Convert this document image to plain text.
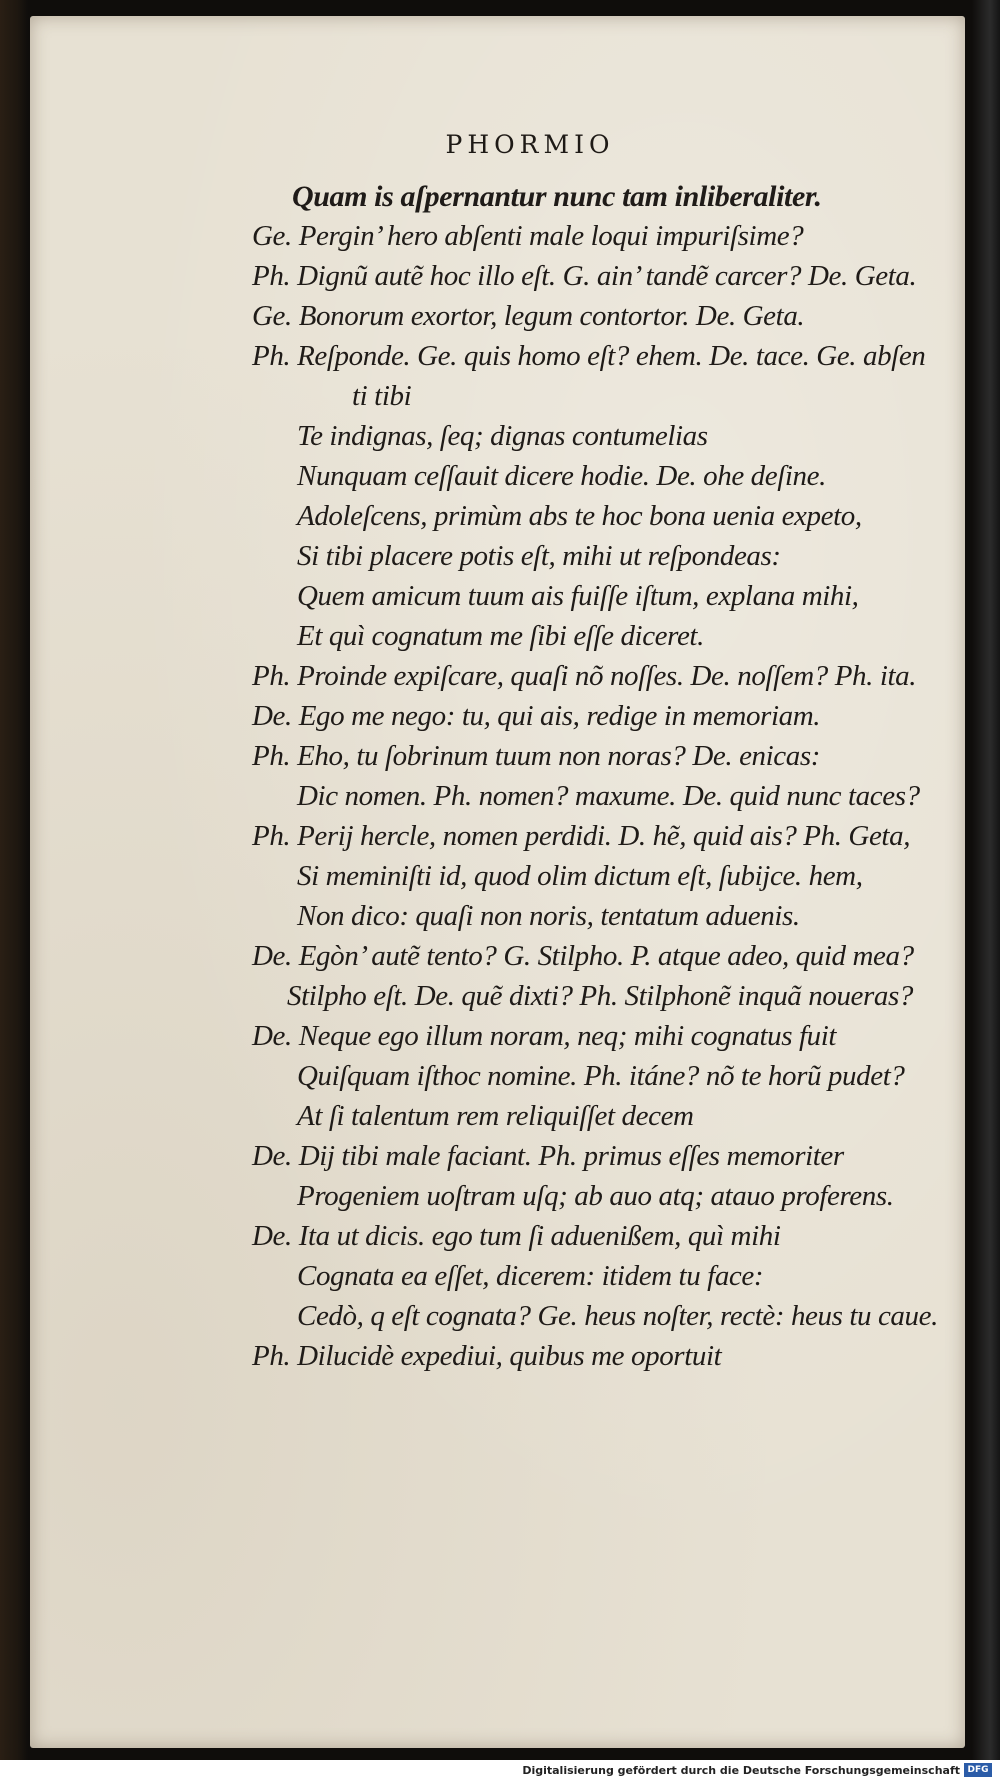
PHORMIO
Quam is aſpernantur nunc tam inliberaliter.
Ge. Pergin’ hero abſenti male loqui impuriſsime?
Ph. Dignũ autẽ hoc illo eſt. G. ain’ tandẽ carcer? De. Geta.
Ge. Bonorum exortor, legum contortor. De. Geta.
Ph. Reſponde. Ge. quis homo eſt? ehem. De. tace. Ge. abſen
ti tibi
Te indignas, ſeq; dignas contumelias
Nunquam ceſſauit dicere hodie. De. ohe deſine.
Adoleſcens, primùm abs te hoc bona uenia expeto,
Si tibi placere potis eſt, mihi ut reſpondeas:
Quem amicum tuum ais fuiſſe iſtum, explana mihi,
Et quì cognatum me ſibi eſſe diceret.
Ph. Proinde expiſcare, quaſi nõ noſſes. De. noſſem? Ph. ita.
De. Ego me nego: tu, qui ais, redige in memoriam.
Ph. Eho, tu ſobrinum tuum non noras? De. enicas:
Dic nomen. Ph. nomen? maxume. De. quid nunc taces?
Ph. Perij hercle, nomen perdidi. D. hẽ, quid ais? Ph. Geta,
Si meminiſti id, quod olim dictum eſt, ſubijce. hem,
Non dico: quaſi non noris, tentatum aduenis.
De. Egòn’ autẽ tento? G. Stilpho. P. atque adeo, quid mea?
Stilpho eſt. De. quẽ dixti? Ph. Stilphonẽ inquã noueras?
De. Neque ego illum noram, neq; mihi cognatus fuit
Quiſquam iſthoc nomine. Ph. itáne? nõ te horũ pudet?
At ſi talentum rem reliquiſſet decem
De. Dij tibi male faciant. Ph. primus eſſes memoriter
Progeniem uoſtram uſq; ab auo atq; atauo proferens.
De. Ita ut dicis. ego tum ſi aduenißem, quì mihi
Cognata ea eſſet, dicerem: itidem tu face:
Cedò, q eſt cognata? Ge. heus noſter, rectè: heus tu caue.
Ph. Dilucidè expediui, quibus me oportuit
Digitalisierung gefördert durch die Deutsche Forschungsgemeinschaft DFG
